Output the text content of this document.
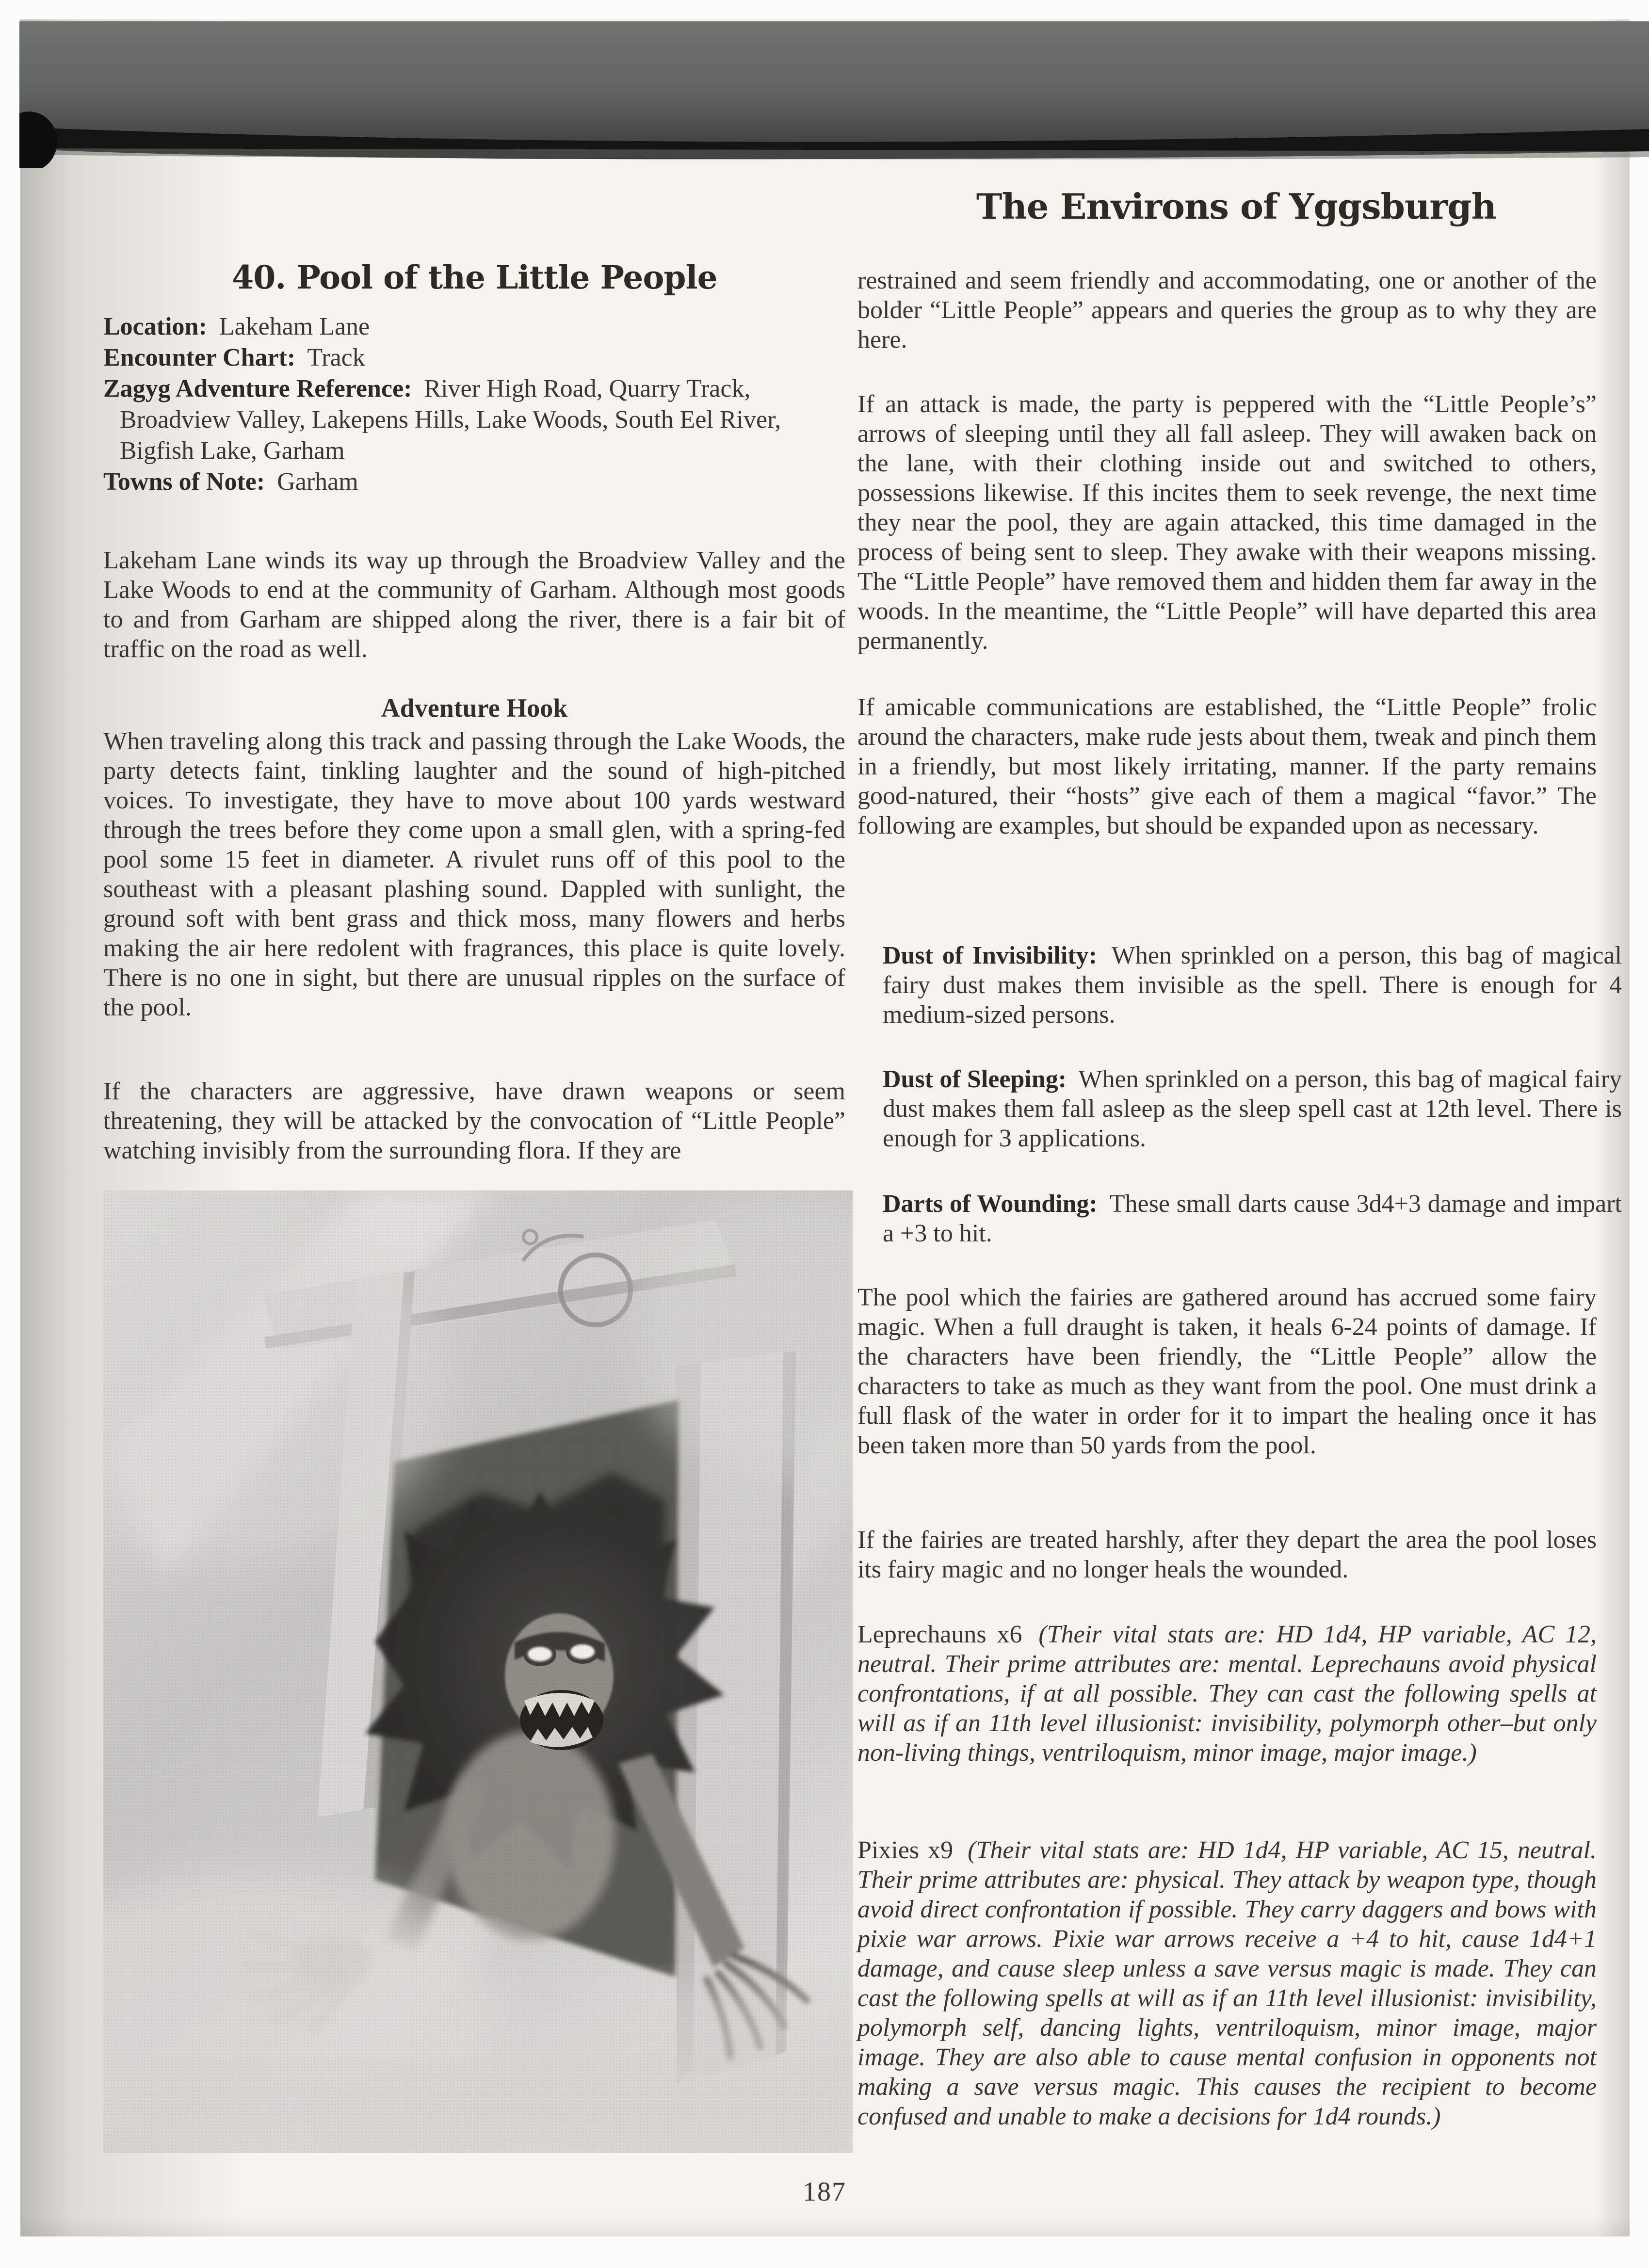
The Environs of Yggsburgh
40. Pool of the Little People

Location: Lakeham Lane

Encounter Chart: Track

Zagyg Adventure Reference: River High Road, Quarry Track, Broadview Valley, Lakepens Hills, Lake Woods, South Eel River, Bigfish Lake, Garham

Towns of Note: Garham

Lakeham Lane winds its way up through the Broadview Valley and the Lake Woods to end at the community of Garham. Although most goods to and from Garham are shipped along the river, there is a fair bit of traffic on the road as well.

Adventure Hook

When traveling along this track and passing through the Lake Woods, the party detects faint, tinkling laughter and the sound of high-pitched voices. To investigate, they have to move about 100 yards westward through the trees before they come upon a small glen, with a spring-fed pool some 15 feet in diameter. A rivulet runs off of this pool to the southeast with a pleasant plashing sound. Dappled with sunlight, the ground soft with bent grass and thick moss, many flowers and herbs making the air here redolent with fragrances, this place is quite lovely. There is no one in sight, but there are unusual ripples on the surface of the pool.

If the characters are aggressive, have drawn weapons or seem threatening, they will be attacked by the convocation of “Little People” watching invisibly from the surrounding flora. If they are

restrained and seem friendly and accommodating, one or another of the bolder “Little People” appears and queries the group as to why they are here.

If an attack is made, the party is peppered with the “Little People’s” arrows of sleeping until they all fall asleep. They will awaken back on the lane, with their clothing inside out and switched to others, possessions likewise. If this incites them to seek revenge, the next time they near the pool, they are again attacked, this time damaged in the process of being sent to sleep. They awake with their weapons missing. The “Little People” have removed them and hidden them far away in the woods. In the meantime, the “Little People” will have departed this area permanently.

If amicable communications are established, the “Little People” frolic around the characters, make rude jests about them, tweak and pinch them in a friendly, but most likely irritating, manner. If the party remains good-natured, their “hosts” give each of them a magical “favor.” The following are examples, but should be expanded upon as necessary.

Dust of Invisibility: When sprinkled on a person, this bag of magical fairy dust makes them invisible as the spell. There is enough for 4 medium-sized persons.

Dust of Sleeping: When sprinkled on a person, this bag of magical fairy dust makes them fall asleep as the sleep spell cast at 12th level. There is enough for 3 applications.

Darts of Wounding: These small darts cause 3d4+3 damage and impart a +3 to hit.

The pool which the fairies are gathered around has accrued some fairy magic. When a full draught is taken, it heals 6-24 points of damage. If the characters have been friendly, the “Little People” allow the characters to take as much as they want from the pool. One must drink a full flask of the water in order for it to impart the healing once it has been taken more than 50 yards from the pool.

If the fairies are treated harshly, after they depart the area the pool loses its fairy magic and no longer heals the wounded.

Leprechauns x6 (Their vital stats are: HD 1d4, HP variable, AC 12, neutral. Their prime attributes are: mental. Leprechauns avoid physical confrontations, if at all possible. They can cast the following spells at will as if an 11th level illusionist: invisibility, polymorph other–but only non-living things, ventriloquism, minor image, major image.)

Pixies x9 (Their vital stats are: HD 1d4, HP variable, AC 15, neutral. Their prime attributes are: physical. They attack by weapon type, though avoid direct confrontation if possible. They carry daggers and bows with pixie war arrows. Pixie war arrows receive a +4 to hit, cause 1d4+1 damage, and cause sleep unless a save versus magic is made. They can cast the following spells at will as if an 11th level illusionist: invisibility, polymorph self, dancing lights, ventriloquism, minor image, major image. They are also able to cause mental confusion in opponents not making a save versus magic. This causes the recipient to become confused and unable to make a decisions for 1d4 rounds.)

187
